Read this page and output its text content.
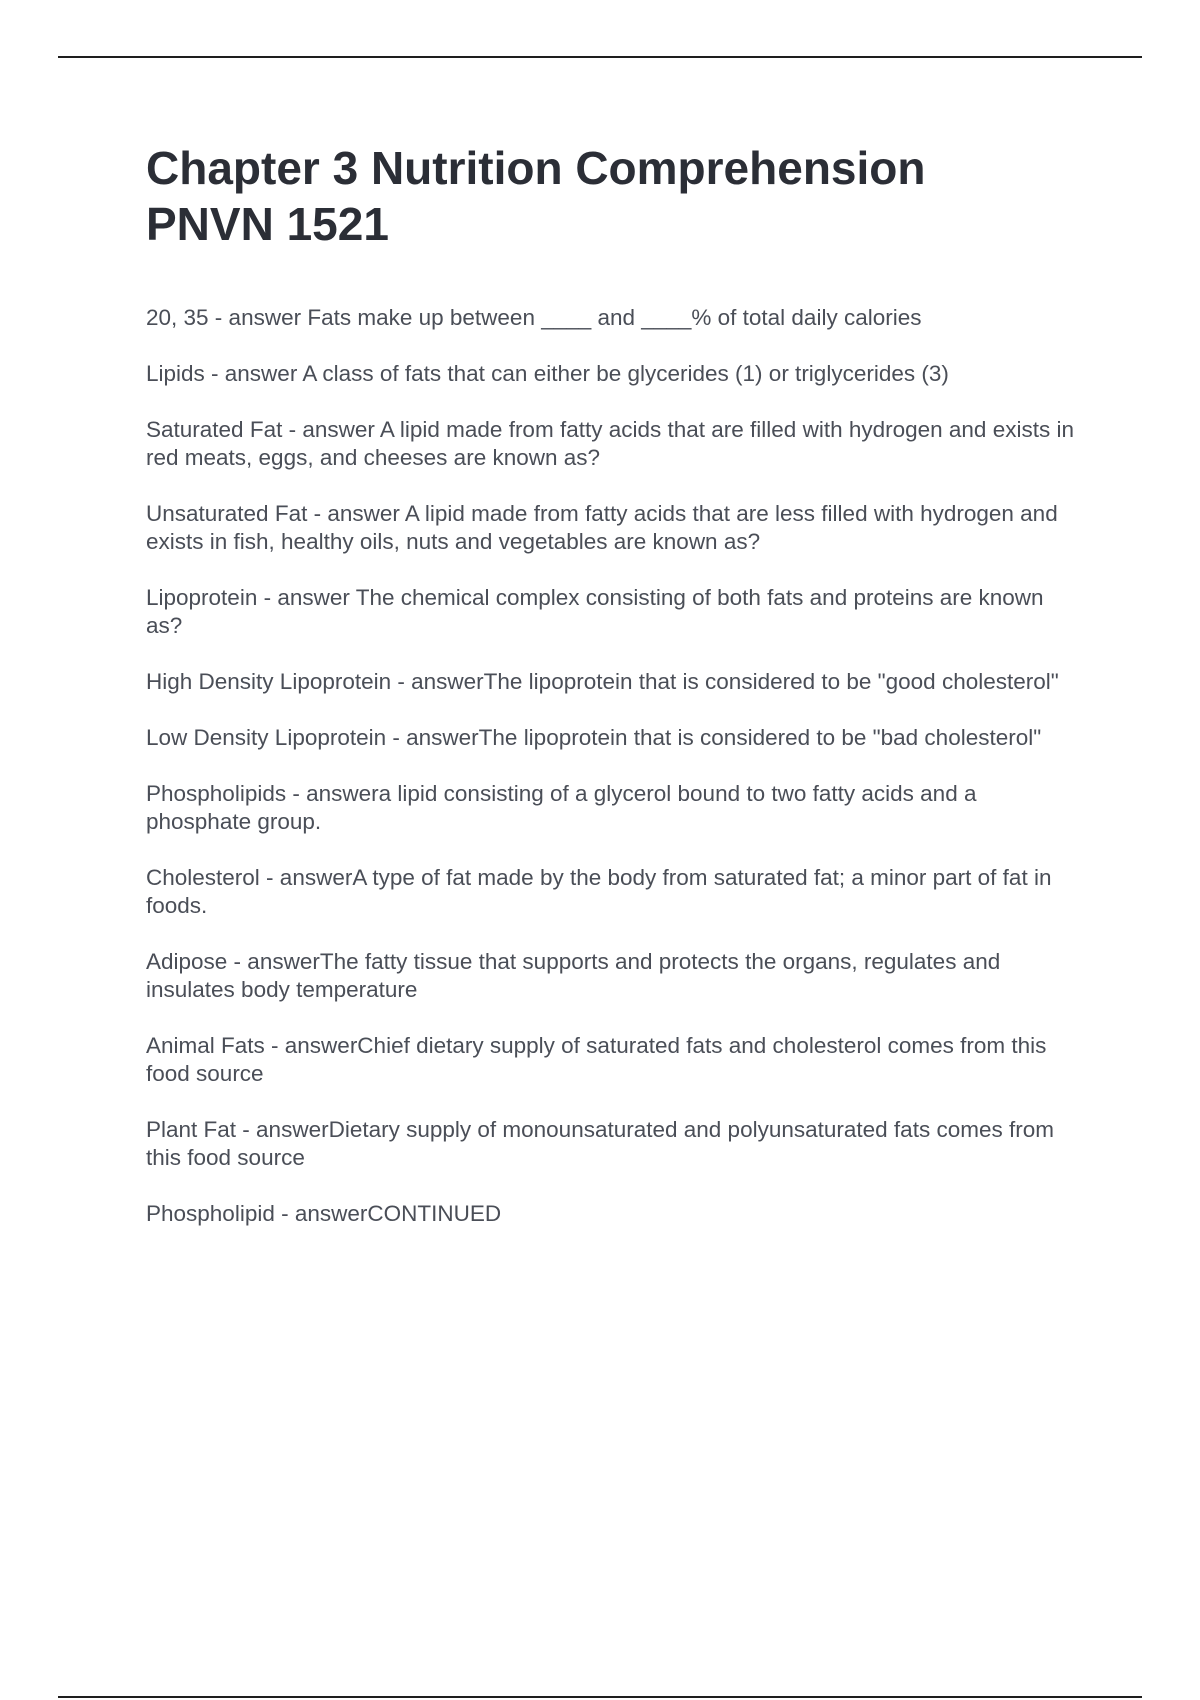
Chapter 3 Nutrition Comprehension
PNVN 1521

20, 35 - answer Fats make up between ____ and ____% of total daily calories

Lipids - answer A class of fats that can either be glycerides (1) or triglycerides (3)

Saturated Fat - answer A lipid made from fatty acids that are filled with hydrogen and exists in red meats, eggs, and cheeses are known as?

Unsaturated Fat - answer A lipid made from fatty acids that are less filled with hydrogen and exists in fish, healthy oils, nuts and vegetables are known as?

Lipoprotein - answer The chemical complex consisting of both fats and proteins are known as?

High Density Lipoprotein - answerThe lipoprotein that is considered to be "good cholesterol"

Low Density Lipoprotein - answerThe lipoprotein that is considered to be "bad cholesterol"

Phospholipids - answera lipid consisting of a glycerol bound to two fatty acids and a phosphate group.

Cholesterol - answerA type of fat made by the body from saturated fat; a minor part of fat in foods.

Adipose - answerThe fatty tissue that supports and protects the organs, regulates and insulates body temperature

Animal Fats - answerChief dietary supply of saturated fats and cholesterol comes from this food source

Plant Fat - answerDietary supply of monounsaturated and polyunsaturated fats comes from this food source

Phospholipid - answerCONTINUED
